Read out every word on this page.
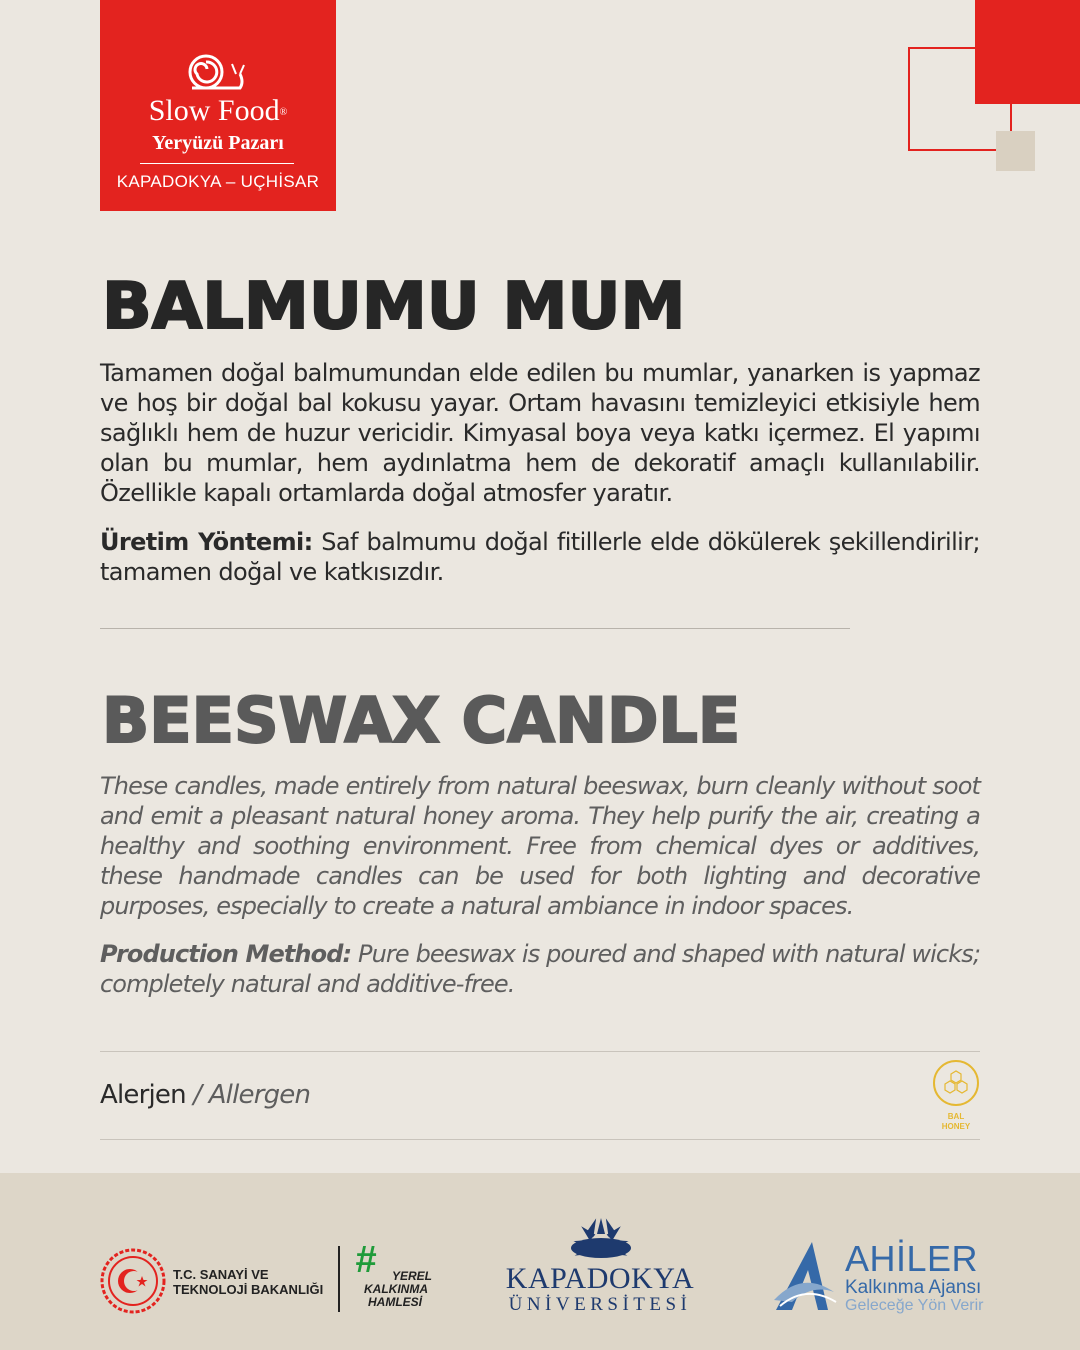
Slow Food®
Yeryüzü Pazarı
KAPADOKYA – UÇHİSAR
BALMUMU MUM

Tamamen doğal balmumundan elde edilen bu mumlar, yanarken is yapmaz ve hoş bir doğal bal kokusu yayar. Ortam havasını temizleyici etkisiyle hem sağlıklı hem de huzur vericidir. Kimyasal boya veya katkı içermez. El yapımı olan bu mumlar, hem aydınlatma hem de dekoratif amaçlı kullanılabilir. Özellikle kapalı ortamlarda doğal atmosfer yaratır.

Üretim Yöntemi: Saf balmumu doğal fitillerle elde dökülerek şekillendirilir; tamamen doğal ve katkısızdır.

BEESWAX CANDLE

These candles, made entirely from natural beeswax, burn cleanly without soot and emit a pleasant natural honey aroma. They help purify the air, creating a healthy and soothing environment. Free from chemical dyes or additives, these handmade candles can be used for both lighting and decorative purposes, especially to create a natural ambiance in indoor spaces.

Production Method: Pure beeswax is poured and shaped with natural wicks; completely natural and additive-free.

Alerjen / Allergen
BAL
HONEY
T.C. SANAYİ VE
TEKNOLOJİ BAKANLIĞI
#	YEREL
KALKINMA
HAMLESİ
KAPADOKYA
ÜNİVERSİTESİ
AHİLER
Kalkınma Ajansı
Geleceğe Yön Verir
